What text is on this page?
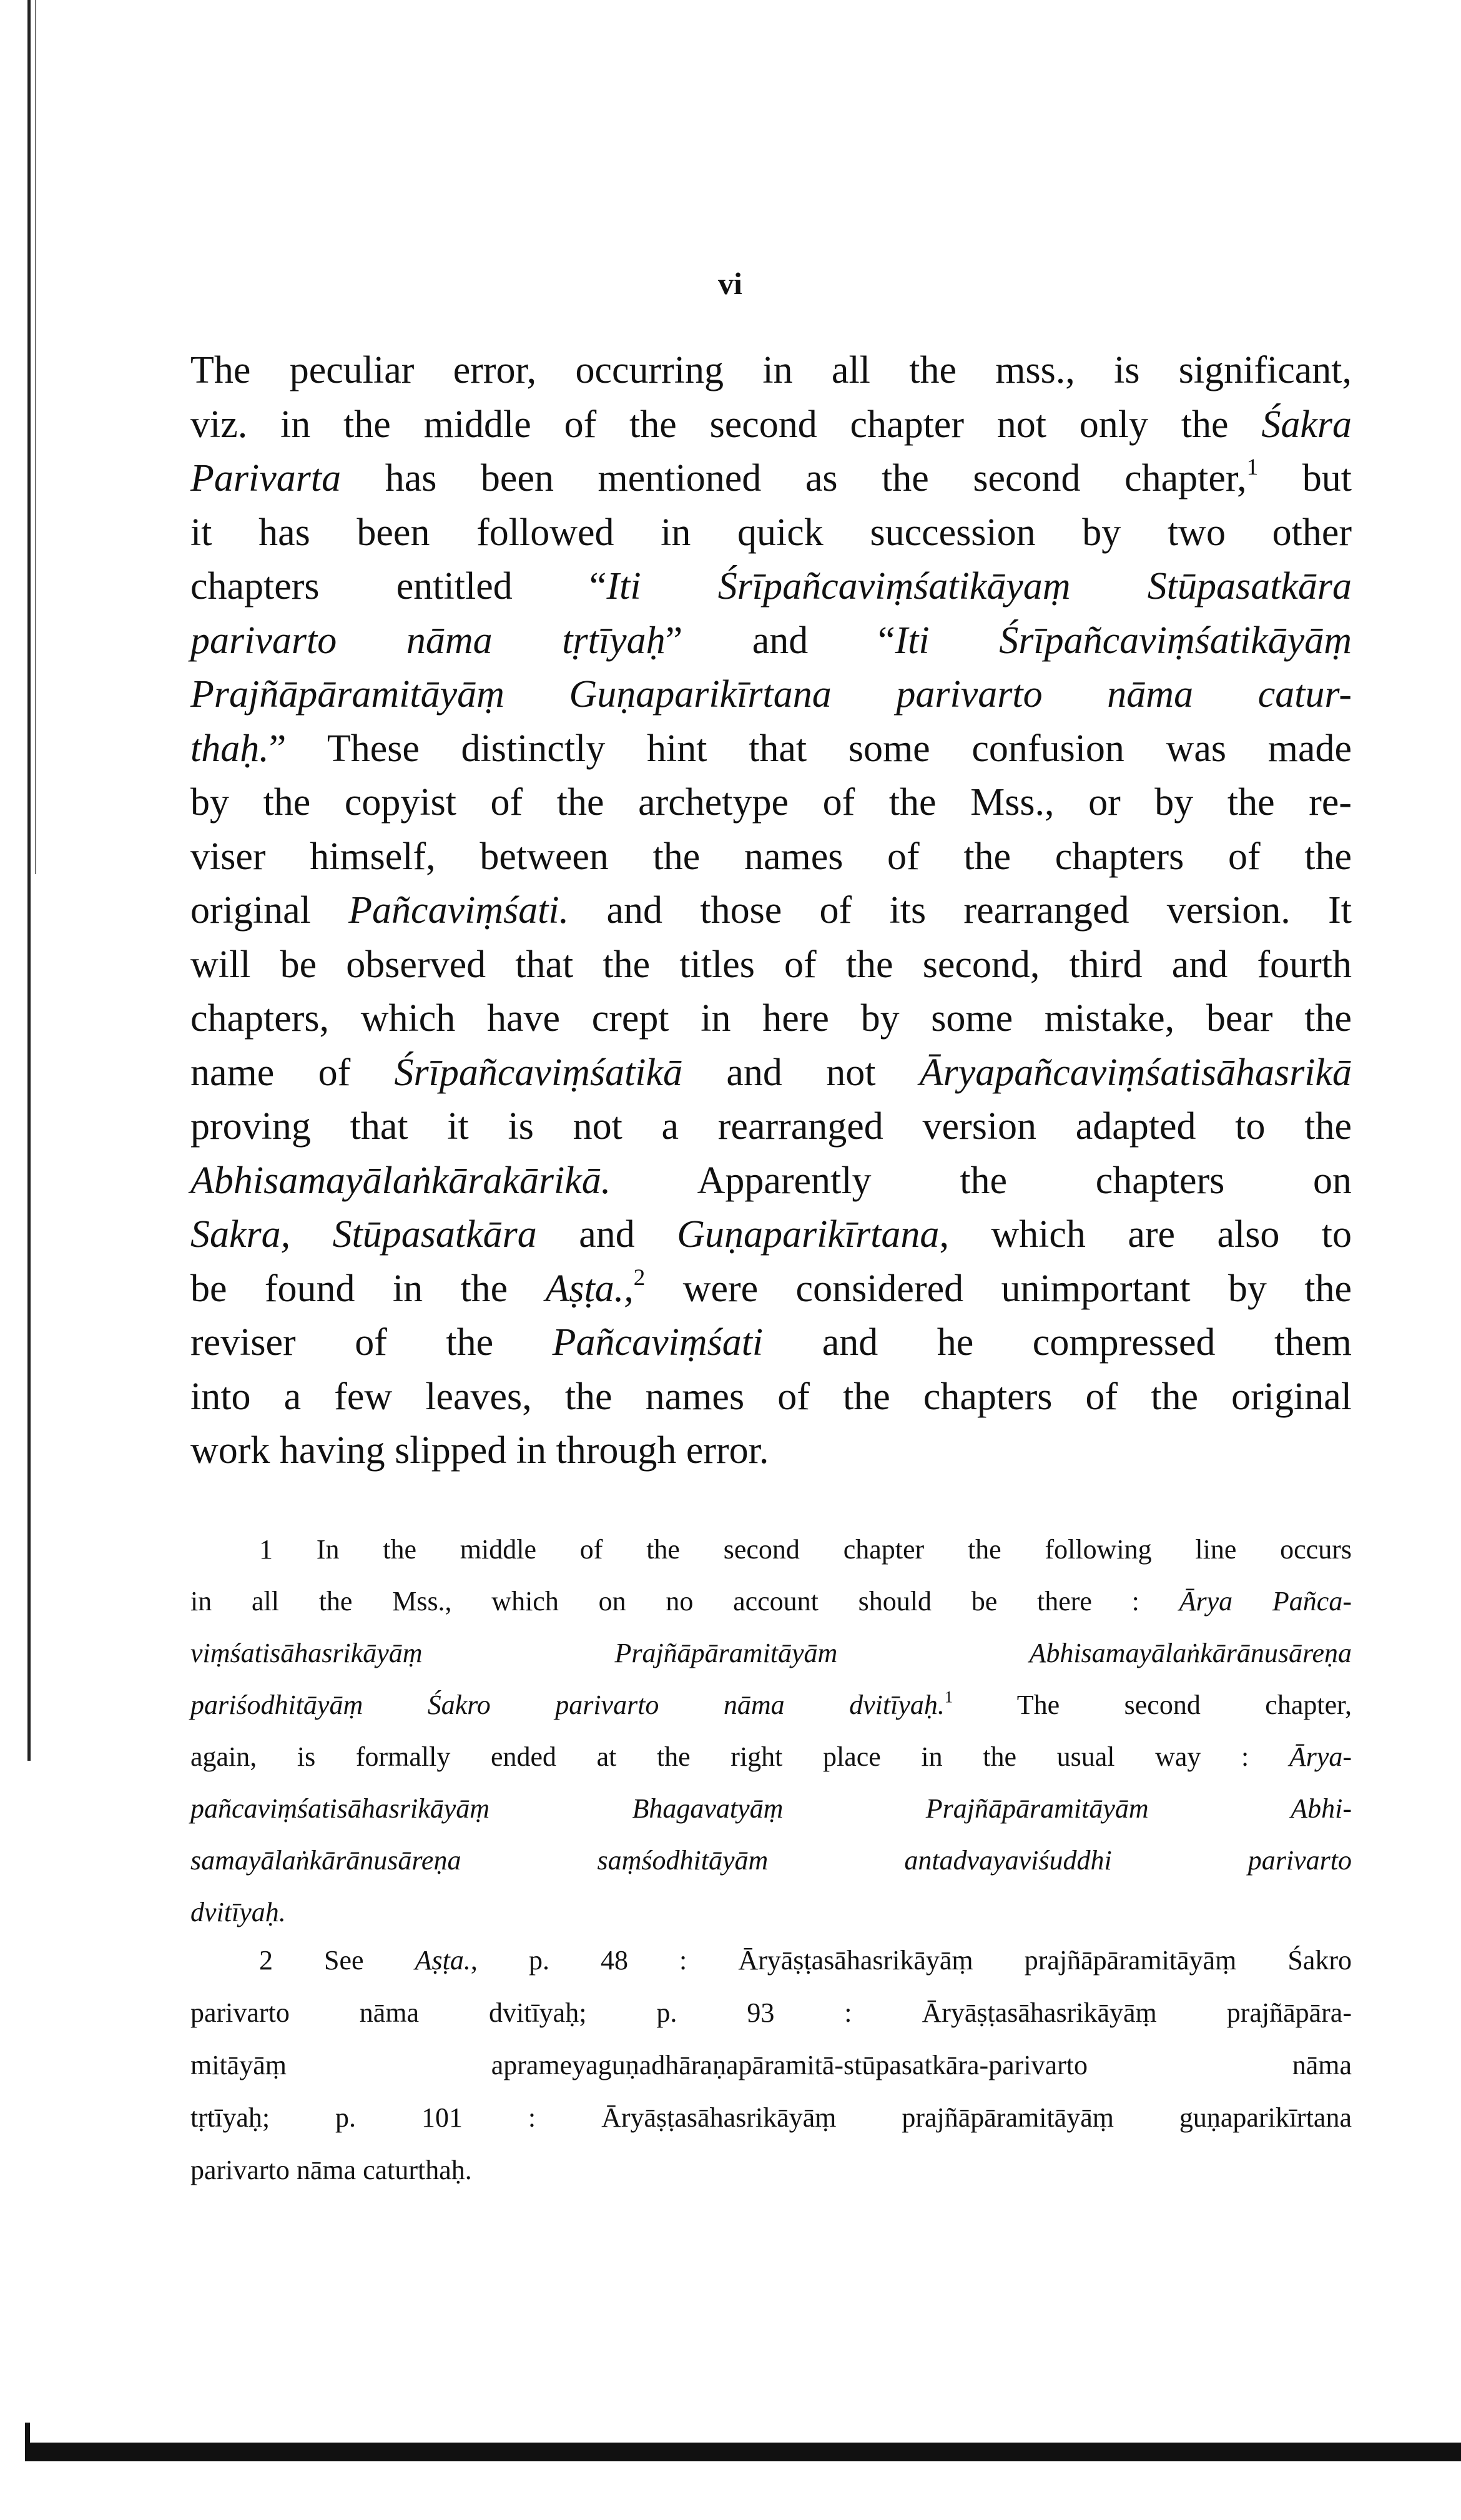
vi
The peculiar error, occurring in all the mss., is significant,
viz. in the middle of the second chapter not only the Śakra
Parivarta has been mentioned as the second chapter,$^1$ but
it has been followed in quick succession by two other
chapters entitled “Iti Śrīpañcaviṃśatikāyaṃ Stūpasatkāra
parivarto nāma tṛtīyaḥ” and “Iti Śrīpañcaviṃśatikāyāṃ
Prajñāpāramitāyāṃ Guṇaparikīrtana parivarto nāma catur-
thaḥ.” These distinctly hint that some confusion was made
by the copyist of the archetype of the Mss., or by the re-
viser himself, between the names of the chapters of the
original Pañcaviṃśati. and those of its rearranged version. It
will be observed that the titles of the second, third and fourth
chapters, which have crept in here by some mistake, bear the
name of Śrīpañcaviṃśatikā and not Āryapañcaviṃśatisāhasrikā
proving that it is not a rearranged version adapted to the
Abhisamayālaṅkārakārikā. Apparently the chapters on
Sakra, Stūpasatkāra and Guṇaparikīrtana, which are also to
be found in the Aṣṭa.,$^2$ were considered unimportant by the
reviser of the Pañcaviṃśati and he compressed them
into a few leaves, the names of the chapters of the original
work having slipped in through error.
1 In the middle of the second chapter the following line occurs
in all the Mss., which on no account should be there : Ārya Pañca-
viṃśatisāhasrikāyāṃ Prajñāpāramitāyām Abhisamayālaṅkārānusāreṇa
pariśodhitāyāṃ Śakro parivarto nāma dvitīyaḥ.$^1$ The second chapter,
again, is formally ended at the right place in the usual way : Ārya-
pañcaviṃśatisāhasrikāyāṃ Bhagavatyāṃ Prajñāpāramitāyām Abhi-
samayālaṅkārānusāreṇa saṃśodhitāyām antadvayaviśuddhi parivarto
dvitīyaḥ.
2 See Aṣṭa., p. 48 : Āryāṣṭasāhasrikāyāṃ prajñāpāramitāyāṃ Śakro
parivarto nāma dvitīyaḥ; p. 93 : Āryāṣṭasāhasrikāyāṃ prajñāpāra-
mitāyāṃ aprameyaguṇadhāraṇapāramitā-stūpasatkāra-parivarto nāma
tṛtīyaḥ; p. 101 : Āryāṣṭasāhasrikāyāṃ prajñāpāramitāyāṃ guṇaparikīrtana
parivarto nāma caturthaḥ.
